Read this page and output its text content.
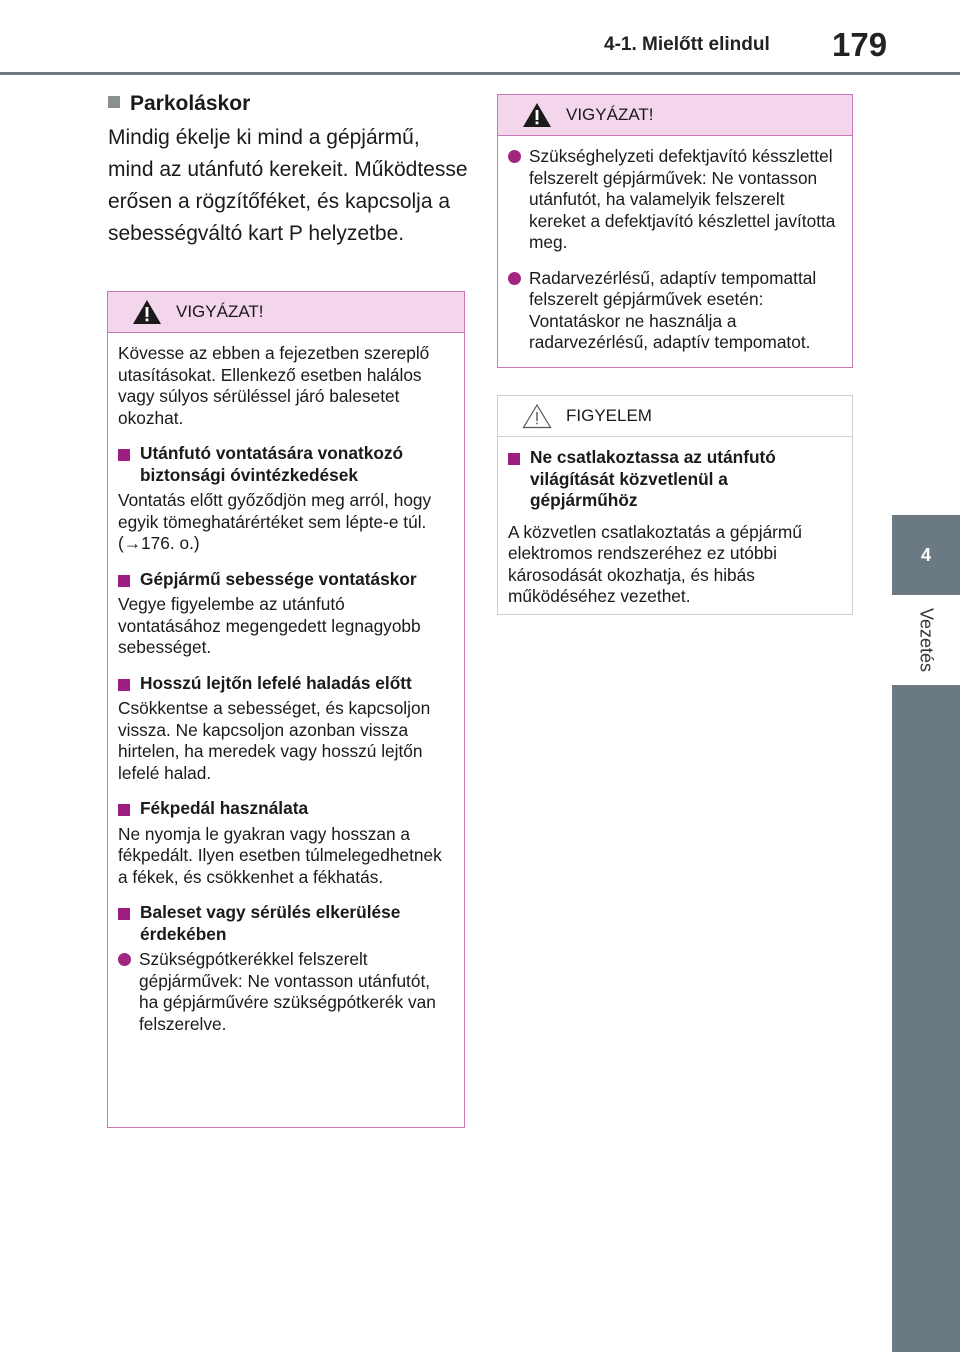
4-1. Mielőtt elindul 179
4
Vezetés
Parkoláskor

Mindig ékelje ki mind a gépjármű, mind az utánfutó kerekeit. Működtesse erősen a rögzítőféket, és kapcsolja a sebességváltó kart P helyzetbe.

VIGYÁZAT!

Kövesse az ebben a fejezetben szereplő utasításokat. Ellenkező esetben halálos vagy súlyos sérüléssel járó balesetet okozhat.

Utánfutó vontatására vonatkozó biztonsági óvintézkedések

Vontatás előtt győződjön meg arról, hogy egyik tömeghatárértéket sem lépte-e túl. (→176. o.)

Gépjármű sebessége vontatáskor

Vegye figyelembe az utánfutó vontatásához megengedett legnagyobb sebességet.

Hosszú lejtőn lefelé haladás előtt

Csökkentse a sebességet, és kapcsoljon vissza. Ne kapcsoljon azonban vissza hirtelen, ha meredek vagy hosszú lejtőn lefelé halad.

Fékpedál használata

Ne nyomja le gyakran vagy hosszan a fékpedált. Ilyen esetben túlmelegedhetnek a fékek, és csökkenhet a fékhatás.

Baleset vagy sérülés elkerülése érdekében
Szükségpótkerékkel felszerelt gépjárművek: Ne vontasson utánfutót, ha gépjárművére szükségpótkerék van felszerelve.
VIGYÁZAT!
Szükséghelyzeti defektjavító késszlettel felszerelt gépjárművek: Ne vontasson utánfutót, ha valamelyik felszerelt kereket a defektjavító készlettel javította meg.
Radarvezérlésű, adaptív tempomattal felszerelt gépjárművek esetén: Vontatáskor ne használja a radarvezérlésű, adaptív tempomatot.
FIGYELEM
Ne csatlakoztassa az utánfutó világítását közvetlenül a gépjárműhöz

A közvetlen csatlakoztatás a gépjármű elektromos rendszeréhez ez utóbbi károsodását okozhatja, és hibás működéséhez vezethet.
